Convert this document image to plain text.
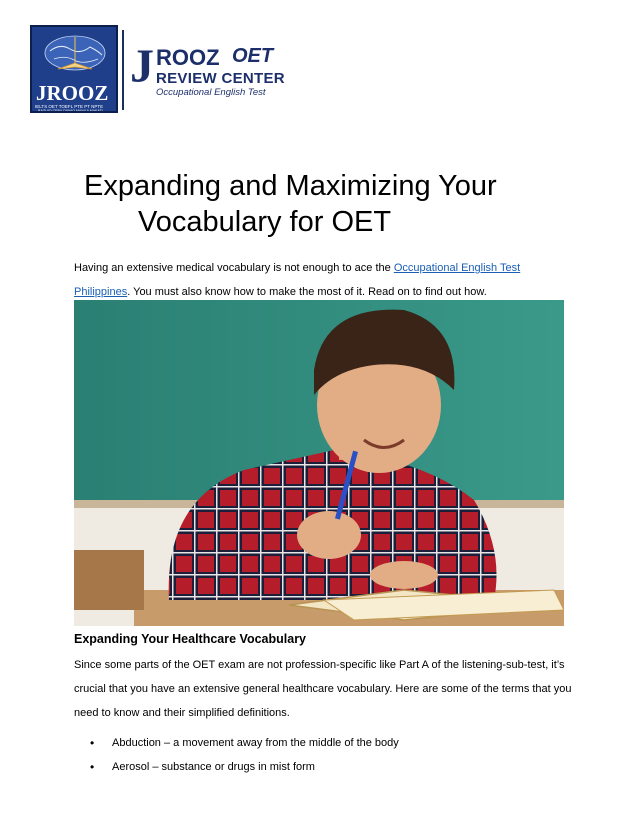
JROOZ
IELTS OET TOEFL PTE PT NPTE
BAGUIO CEBU DAVAO MANILA MAKATI
J ROOZ OET
REVIEW CENTER
Occupational English Test
Expanding and Maximizing Your
Vocabulary for OET

Having an extensive medical vocabulary is not enough to ace the Occupational English Test Philippines. You must also know how to make the most of it. Read on to find out how.

Expanding Your Healthcare Vocabulary

Since some parts of the OET exam are not profession-specific like Part A of the listening-sub-test, it’s crucial that you have an extensive general healthcare vocabulary. Here are some of the terms that you need to know and their simplified definitions.

• Abduction – a movement away from the middle of the body
• Aerosol – substance or drugs in mist form
